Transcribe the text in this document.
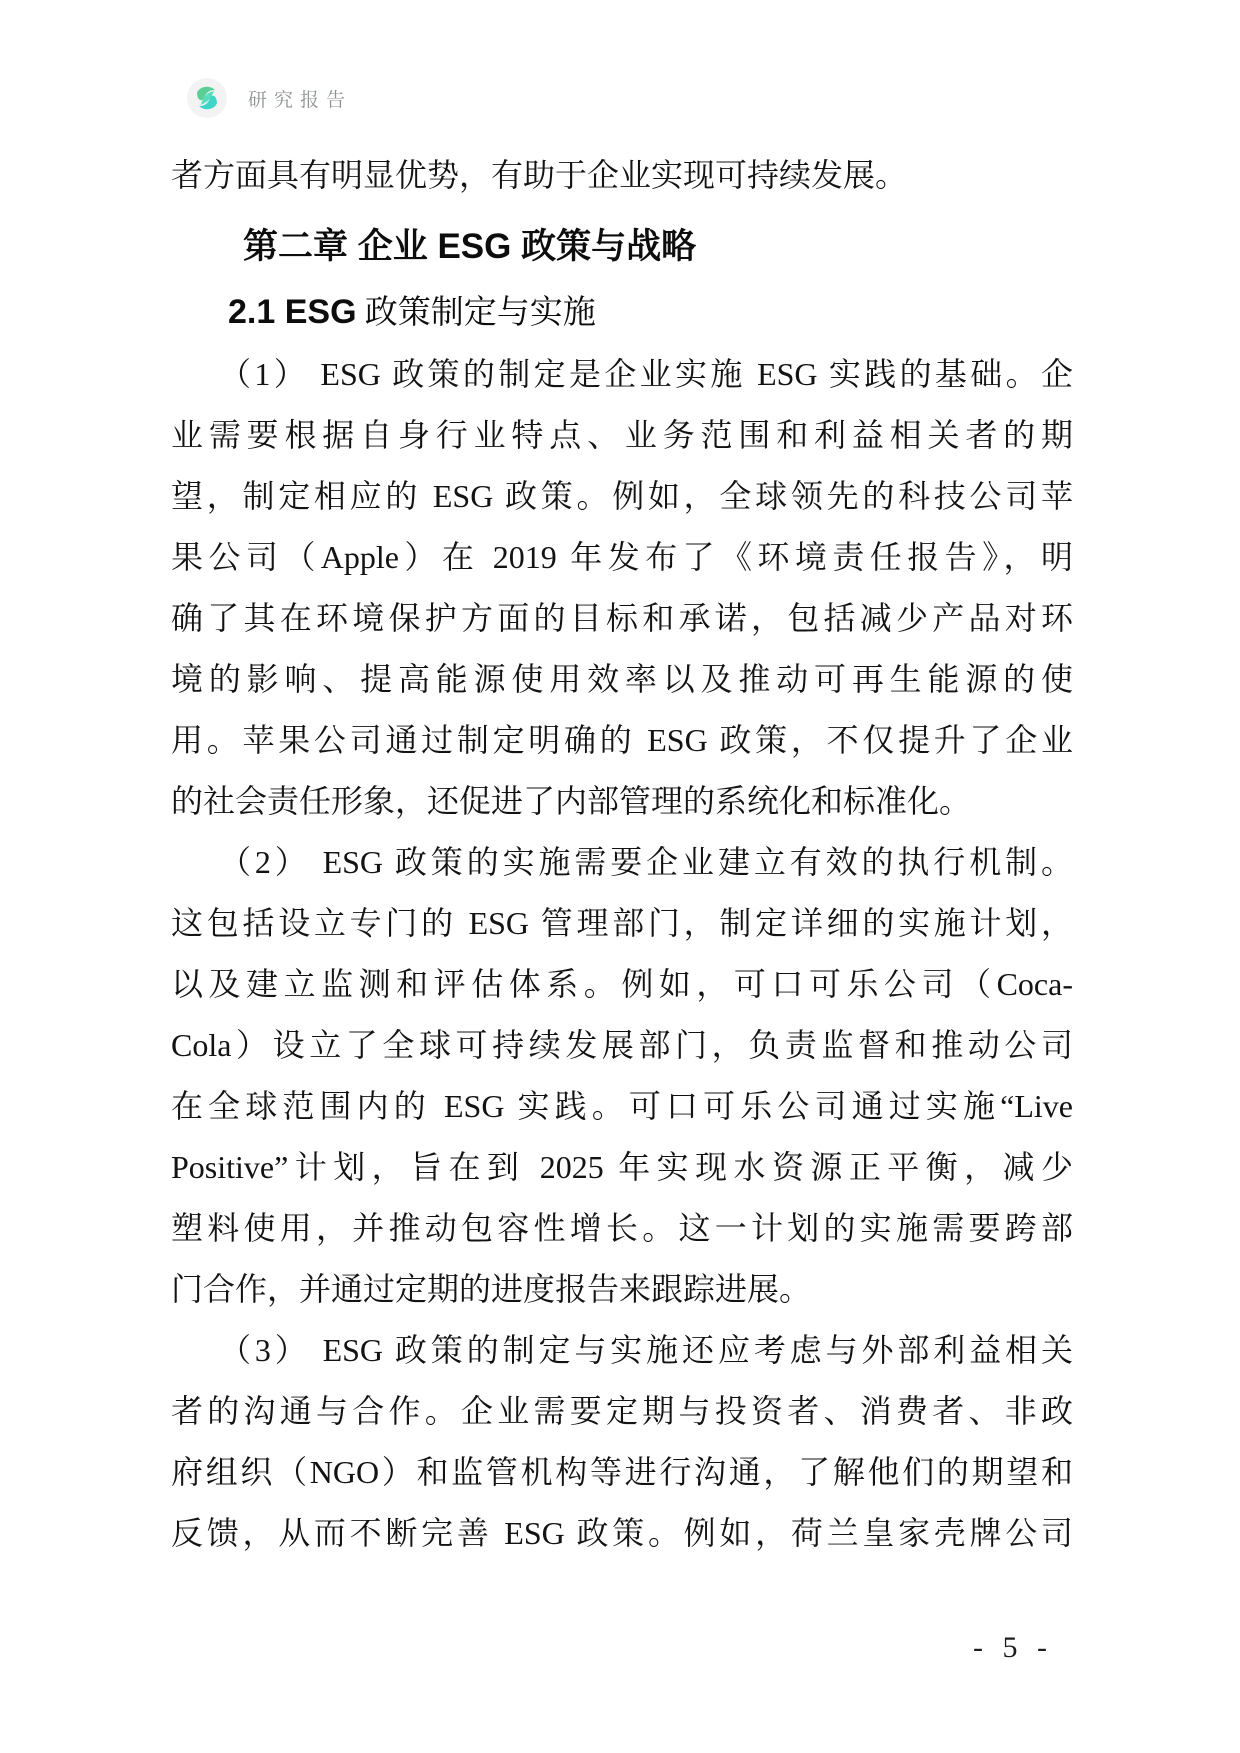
研究报告
者方面具有明显优势，有助于企业实现可持续发展。
第二章 企业 ESG 政策与战略
2.1 ESG 政策制定与实施
（1） ESG 政策的制定是企业实施 ESG 实践的基础。企
业需要根据自身行业特点、业务范围和利益相关者的期
望，制定相应的 ESG 政策。例如，全球领先的科技公司苹
果公司（Apple）在 2019 年发布了《环境责任报告》，明
确了其在环境保护方面的目标和承诺，包括减少产品对环
境的影响、提高能源使用效率以及推动可再生能源的使
用。苹果公司通过制定明确的 ESG 政策，不仅提升了企业
的社会责任形象，还促进了内部管理的系统化和标准化。
（2） ESG 政策的实施需要企业建立有效的执行机制。
这包括设立专门的 ESG 管理部门，制定详细的实施计划，
以及建立监测和评估体系。例如，可口可乐公司（Coca-
Cola）设立了全球可持续发展部门，负责监督和推动公司
在全球范围内的 ESG 实践。可口可乐公司通过实施“Live
Positive”计划，旨在到 2025 年实现水资源正平衡，减少
塑料使用，并推动包容性增长。这一计划的实施需要跨部
门合作，并通过定期的进度报告来跟踪进展。
（3） ESG 政策的制定与实施还应考虑与外部利益相关
者的沟通与合作。企业需要定期与投资者、消费者、非政
府组织（NGO）和监管机构等进行沟通，了解他们的期望和
反馈，从而不断完善 ESG 政策。例如，荷兰皇家壳牌公司
- 5 -
